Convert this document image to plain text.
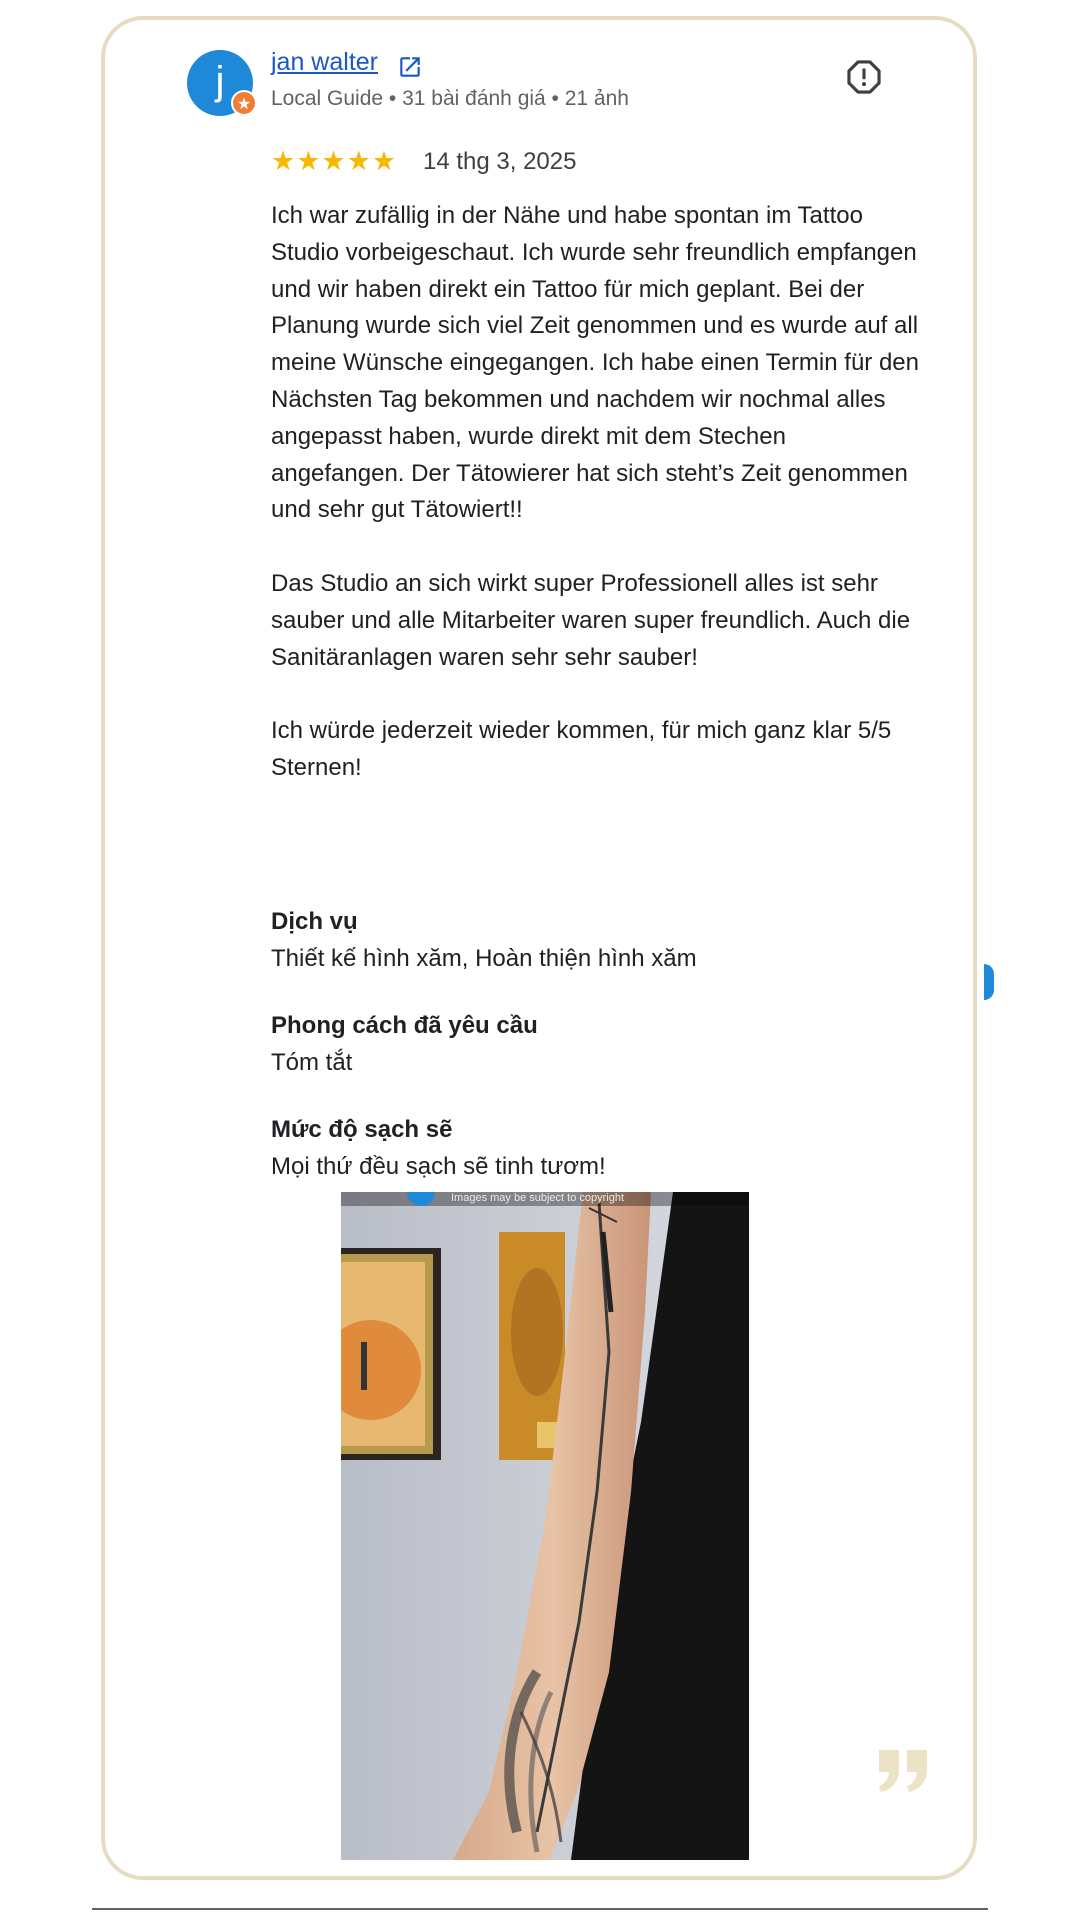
j
★
jan walter
Local Guide • 31 bài đánh giá • 21 ảnh
★★★★★ 14 thg 3, 2025

Ich war zufällig in der Nähe und habe spontan im Tattoo Studio vorbeigeschaut. Ich wurde sehr freundlich empfangen und wir haben direkt ein Tattoo für mich geplant. Bei der Planung wurde sich viel Zeit genommen und es wurde auf all meine Wünsche eingegangen. Ich habe einen Termin für den Nächsten Tag bekommen und nachdem wir nochmal alles angepasst haben, wurde direkt mit dem Stechen angefangen. Der Tätowierer hat sich steht’s Zeit genommen und sehr gut Tätowiert!!

Das Studio an sich wirkt super Professionell alles ist sehr sauber und alle Mitarbeiter waren super freundlich. Auch die Sanitäranlagen waren sehr sehr sauber!

Ich würde jederzeit wieder kommen, für mich ganz klar 5/5 Sternen!

Dịch vụ
Thiết kế hình xăm, Hoàn thiện hình xăm
Phong cách đã yêu cầu
Tóm tắt
Mức độ sạch sẽ
Mọi thứ đều sạch sẽ tinh tươm!
Images may be subject to copyright
